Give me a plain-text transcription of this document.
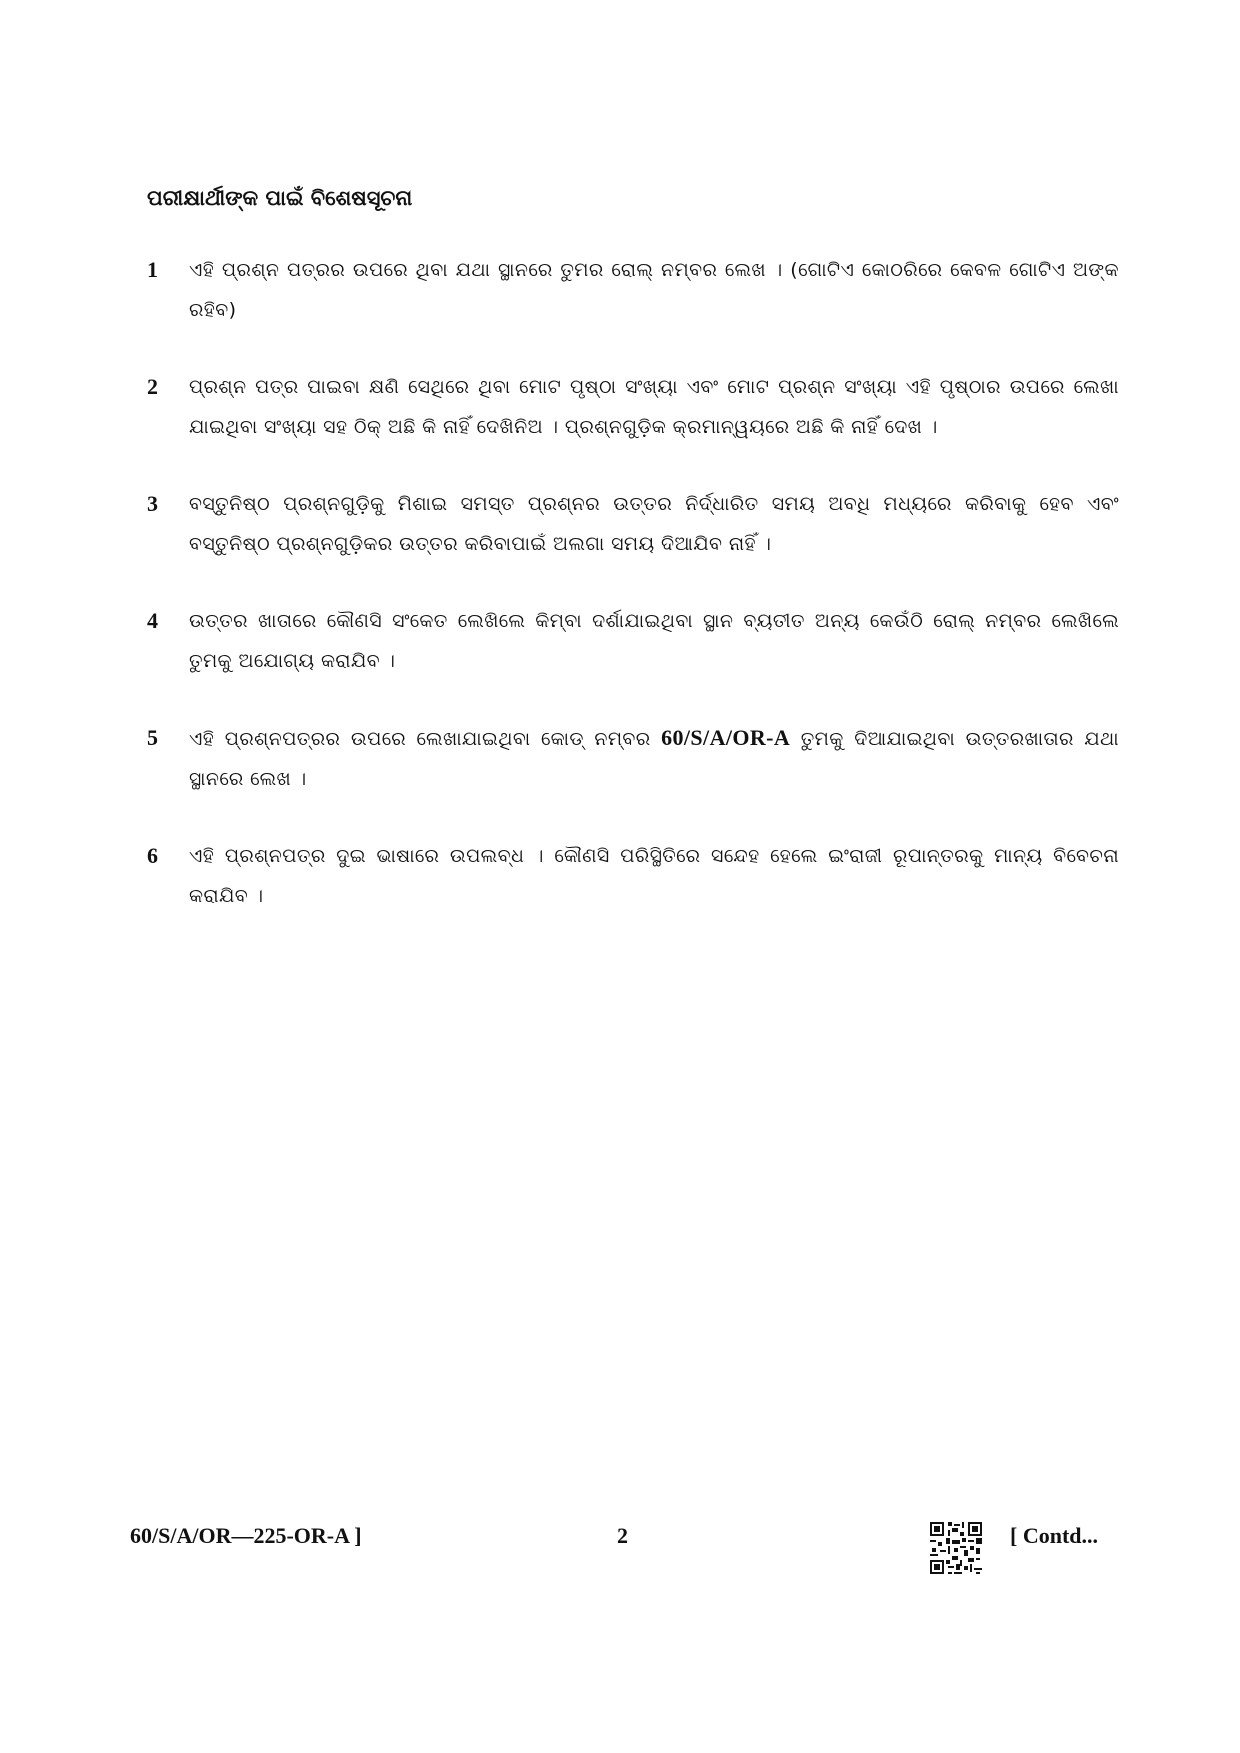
ପରୀକ୍ଷାର୍ଥୀଙ୍କ ପାଇଁ ବିଶେଷସୂଚନା
1 ଏହି ପ୍ରଶ୍ନ ପତ୍ରର ଉପରେ ଥିବା ଯଥା ସ୍ଥାନରେ ତୁମର ରୋଲ୍ ନମ୍ବର ଲେଖ । (ଗୋଟିଏ କୋଠରିରେ କେବଳ ଗୋଟିଏ ଅଙ୍କ ରହିବ)
2 ପ୍ରଶ୍ନ ପତ୍ର ପାଇବା କ୍ଷଣି ସେଥିରେ ଥିବା ମୋଟ ପୃଷ୍ଠା ସଂଖ୍ୟା ଏବଂ ମୋଟ ପ୍ରଶ୍ନ ସଂଖ୍ୟା ଏହି ପୃଷ୍ଠାର ଉପରେ ଲେଖା ଯାଇଥିବା ସଂଖ୍ୟା ସହ ଠିକ୍ ଅଛି କି ନାହିଁ ଦେଖିନିଅ । ପ୍ରଶ୍ନଗୁଡ଼ିକ କ୍ରମାନ୍ୱୟରେ ଅଛି କି ନାହିଁ ଦେଖ ।
3 ବସ୍ତୁନିଷ୍ଠ ପ୍ରଶ୍ନଗୁଡ଼ିକୁ ମିଶାଇ ସମସ୍ତ ପ୍ରଶ୍ନର ଉତ୍ତର ନିର୍ଦ୍ଧାରିତ ସମୟ ଅବଧି ମଧ୍ୟରେ କରିବାକୁ ହେବ ଏବଂ ବସ୍ତୁନିଷ୍ଠ ପ୍ରଶ୍ନଗୁଡ଼ିକର ଉତ୍ତର କରିବାପାଇଁ ଅଲଗା ସମୟ ଦିଆଯିବ ନାହିଁ ।
4 ଉତ୍ତର ଖାତାରେ କୌଣସି ସଂକେତ ଲେଖିଲେ କିମ୍ବା ଦର୍ଶାଯାଇଥିବା ସ୍ଥାନ ବ୍ୟତୀତ ଅନ୍ୟ କେଉଁଠି ରୋଲ୍ ନମ୍ବର ଲେଖିଲେ ତୁମକୁ ଅଯୋଗ୍ୟ କରାଯିବ ।
5 ଏହି ପ୍ରଶ୍ନପତ୍ରର ଉପରେ ଲେଖାଯାଇଥିବା କୋଡ୍ ନମ୍ବର 60/S/A/OR-A ତୁମକୁ ଦିଆଯାଇଥିବା ଉତ୍ତରଖାତାର ଯଥା ସ୍ଥାନରେ ଲେଖ ।
6 ଏହି ପ୍ରଶ୍ନପତ୍ର ଦୁଇ ଭାଷାରେ ଉପଲବ୍ଧ । କୌଣସି ପରିସ୍ଥିତିରେ ସନ୍ଦେହ ହେଲେ ଇଂରାଜୀ ରୂପାନ୍ତରକୁ ମାନ୍ୟ ବିବେଚନା କରାଯିବ ।
60/S/A/OR—225-OR-A ]	2	[ Contd...
